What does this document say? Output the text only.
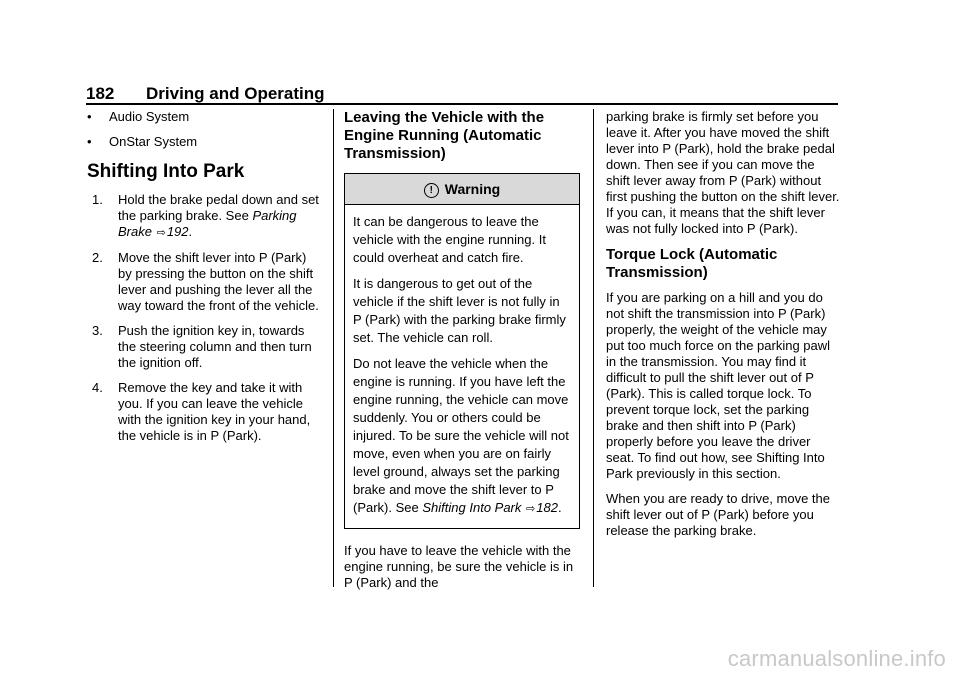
182 Driving and Operating
• Audio System
• OnStar System
Shifting Into Park
1. Hold the brake pedal down and set the parking brake. See Parking Brake ⇨192.
2. Move the shift lever into P (Park) by pressing the button on the shift lever and pushing the lever all the way toward the front of the vehicle.
3. Push the ignition key in, towards the steering column and then turn the ignition off.
4. Remove the key and take it with you. If you can leave the vehicle with the ignition key in your hand, the vehicle is in P (Park).
Leaving the Vehicle with the Engine Running (Automatic Transmission)
! Warning

It can be dangerous to leave the vehicle with the engine running. It could overheat and catch fire.

It is dangerous to get out of the vehicle if the shift lever is not fully in P (Park) with the parking brake firmly set. The vehicle can roll.

Do not leave the vehicle when the engine is running. If you have left the engine running, the vehicle can move suddenly. You or others could be injured. To be sure the vehicle will not move, even when you are on fairly level ground, always set the parking brake and move the shift lever to P (Park). See Shifting Into Park ⇨182.

If you have to leave the vehicle with the engine running, be sure the vehicle is in P (Park) and the

parking brake is firmly set before you leave it. After you have moved the shift lever into P (Park), hold the brake pedal down. Then see if you can move the shift lever away from P (Park) without first pushing the button on the shift lever. If you can, it means that the shift lever was not fully locked into P (Park).

Torque Lock (Automatic Transmission)

If you are parking on a hill and you do not shift the transmission into P (Park) properly, the weight of the vehicle may put too much force on the parking pawl in the transmission. You may find it difficult to pull the shift lever out of P (Park). This is called torque lock. To prevent torque lock, set the parking brake and then shift into P (Park) properly before you leave the driver seat. To find out how, see Shifting Into Park previously in this section.

When you are ready to drive, move the shift lever out of P (Park) before you release the parking brake.

carmanualsonline.info
